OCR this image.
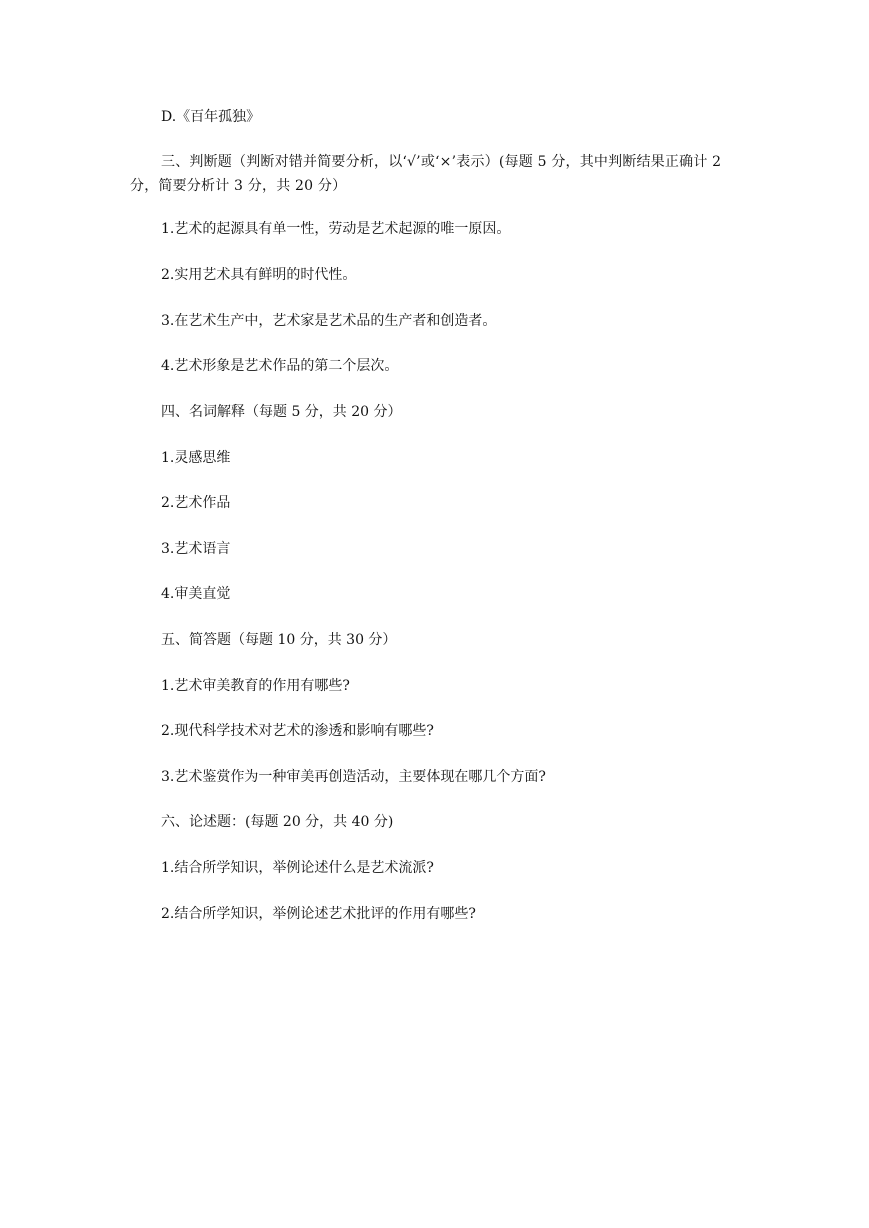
D.《百年孤独》
三、判断题（判断对错并简要分析，以‘√’或‘×’表示）(每题 5 分，其中判断结果正确计 2 分，简要分析计 3 分，共 20 分）
1.艺术的起源具有单一性，劳动是艺术起源的唯一原因。
2.实用艺术具有鲜明的时代性。
3.在艺术生产中，艺术家是艺术品的生产者和创造者。
4.艺术形象是艺术作品的第二个层次。
四、名词解释（每题 5 分，共 20 分）
1.灵感思维
2.艺术作品
3.艺术语言
4.审美直觉
五、简答题（每题 10 分，共 30 分）
1.艺术审美教育的作用有哪些?
2.现代科学技术对艺术的渗透和影响有哪些?
3.艺术鉴赏作为一种审美再创造活动，主要体现在哪几个方面?
六、论述题：(每题 20 分，共 40 分)
1.结合所学知识，举例论述什么是艺术流派?
2.结合所学知识，举例论述艺术批评的作用有哪些?
